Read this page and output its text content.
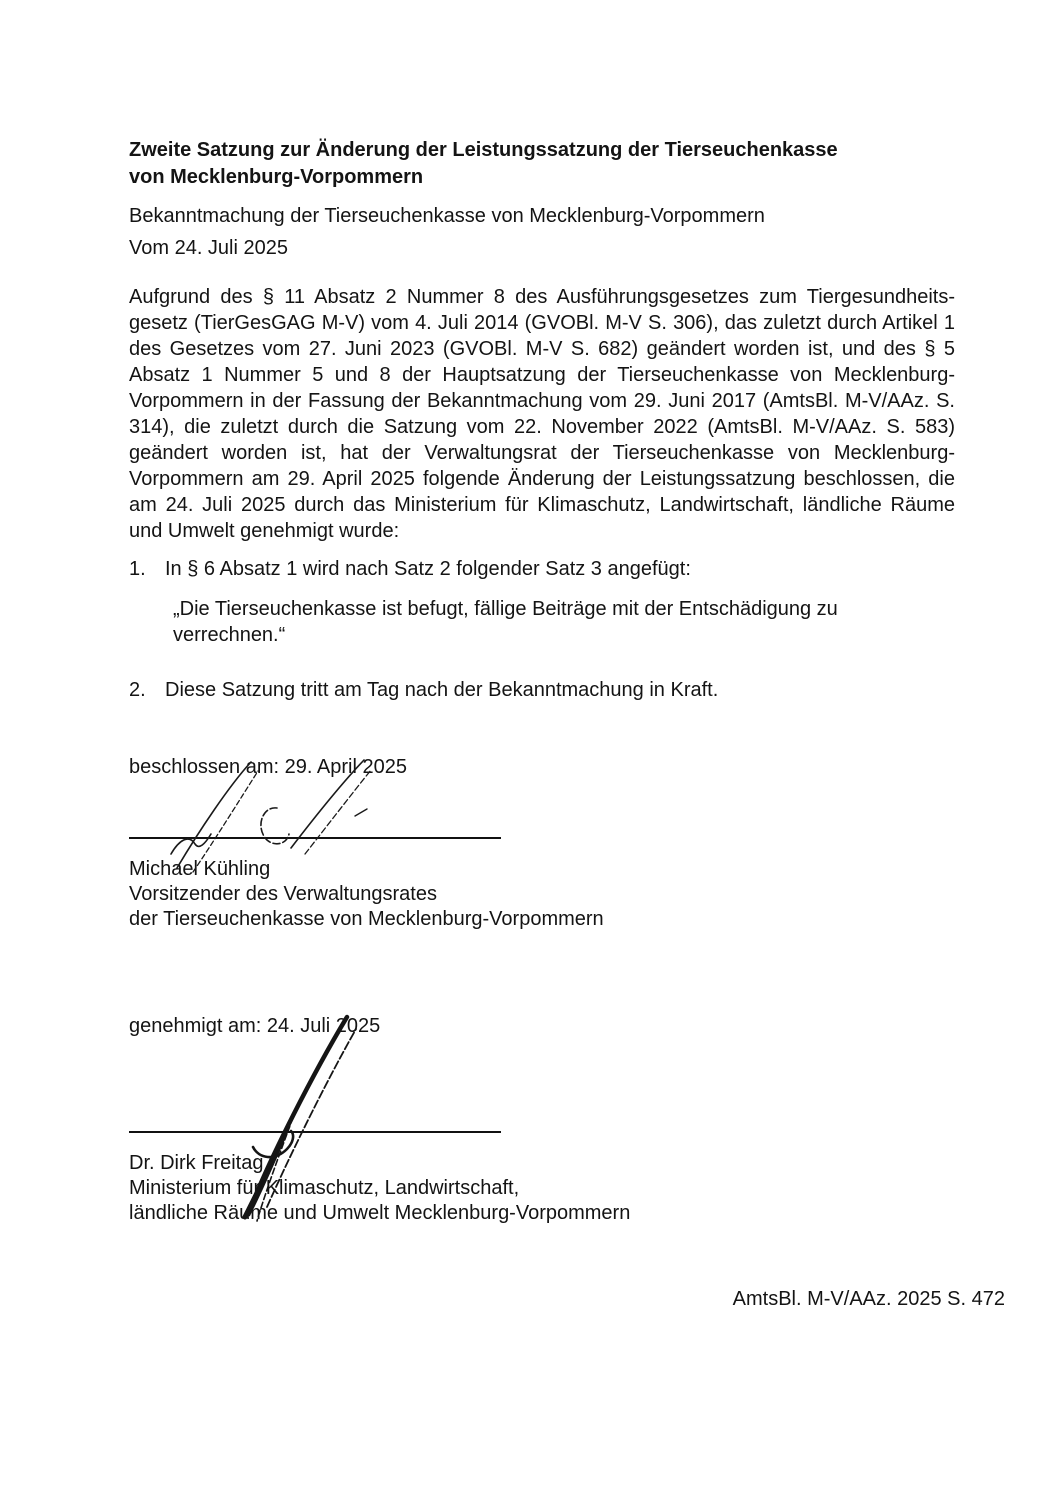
Zweite Satzung zur Änderung der Leistungssatzung der Tierseuchenkasse
von Mecklenburg-Vorpommern

Bekanntmachung der Tierseuchenkasse von Mecklenburg-Vorpommern

Vom 24. Juli 2025

Aufgrund des § 11 Absatz 2 Nummer 8 des Ausführungsgesetzes zum Tiergesundheits-gesetz (TierGesGAG M-V) vom 4. Juli 2014 (GVOBl. M-V S. 306), das zuletzt durch Artikel 1 des Gesetzes vom 27. Juni 2023 (GVOBl. M-V S. 682) geändert worden ist, und des § 5 Absatz 1 Nummer 5 und 8 der Hauptsatzung der Tierseuchenkasse von Mecklenburg-Vorpommern in der Fassung der Bekanntmachung vom 29. Juni 2017 (AmtsBl. M-V/AAz. S. 314), die zuletzt durch die Satzung vom 22. November 2022 (AmtsBl. M-V/AAz. S. 583) geändert worden ist, hat der Verwaltungsrat der Tierseuchenkasse von Mecklenburg-Vorpommern am 29. April 2025 folgende Änderung der Leistungssatzung beschlossen, die am 24. Juli 2025 durch das Ministerium für Klimaschutz, Landwirtschaft, ländliche Räume und Umwelt genehmigt wurde:

1. In § 6 Absatz 1 wird nach Satz 2 folgender Satz 3 angefügt:

„Die Tierseuchenkasse ist befugt, fällige Beiträge mit der Entschädigung zu verrechnen.“

2. Diese Satzung tritt am Tag nach der Bekanntmachung in Kraft.

beschlossen am: 29. April 2025

Michael Kühling

Vorsitzender des Verwaltungsrates

der Tierseuchenkasse von Mecklenburg-Vorpommern

genehmigt am: 24. Juli 2025

Dr. Dirk Freitag

Ministerium für Klimaschutz, Landwirtschaft,

ländliche Räume und Umwelt Mecklenburg-Vorpommern

AmtsBl. M-V/AAz. 2025 S. 472
